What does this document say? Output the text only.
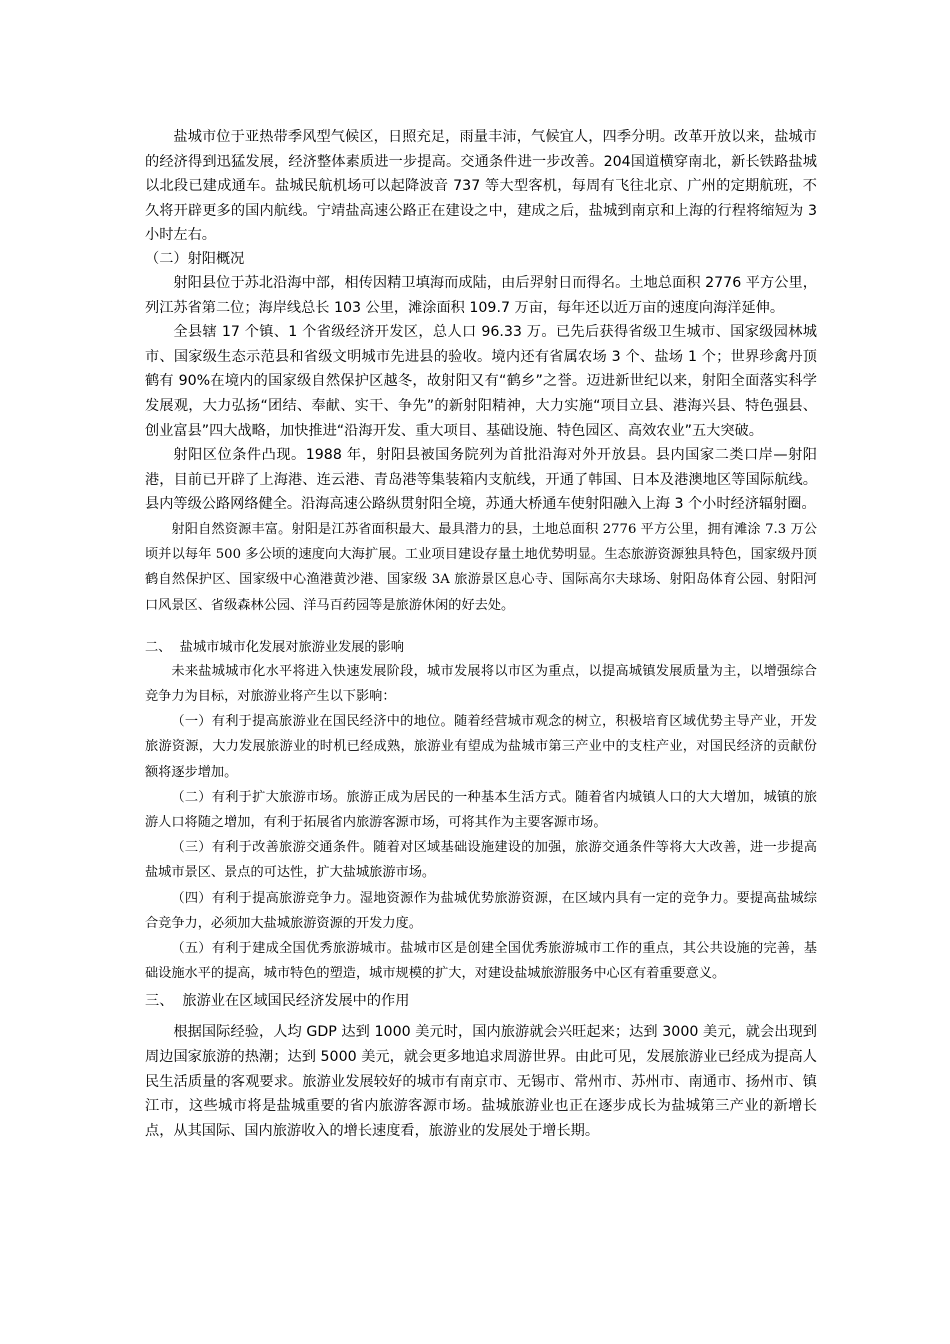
盐城市位于亚热带季风型气候区，日照充足，雨量丰沛，气候宜人，四季分明。改革开放以来，盐城市的经济得到迅猛发展，经济整体素质进一步提高。交通条件进一步改善。204国道横穿南北，新长铁路盐城以北段已建成通车。盐城民航机场可以起降波音 737 等大型客机，每周有飞往北京、广州的定期航班，不久将开辟更多的国内航线。宁靖盐高速公路正在建设之中，建成之后，盐城到南京和上海的行程将缩短为 3 小时左右。

（二）射阳概况

射阳县位于苏北沿海中部，相传因精卫填海而成陆，由后羿射日而得名。土地总面积 2776 平方公里，列江苏省第二位；海岸线总长 103 公里，滩涂面积 109.7 万亩，每年还以近万亩的速度向海洋延伸。

全县辖 17 个镇、1 个省级经济开发区，总人口 96.33 万。已先后获得省级卫生城市、国家级园林城市、国家级生态示范县和省级文明城市先进县的验收。境内还有省属农场 3 个、盐场 1 个；世界珍禽丹顶鹤有 90%在境内的国家级自然保护区越冬，故射阳又有“鹤乡”之誉。迈进新世纪以来，射阳全面落实科学发展观，大力弘扬“团结、奉献、实干、争先”的新射阳精神，大力实施“项目立县、港海兴县、特色强县、创业富县”四大战略，加快推进“沿海开发、重大项目、基础设施、特色园区、高效农业”五大突破。

射阳区位条件凸现。1988 年，射阳县被国务院列为首批沿海对外开放县。县内国家二类口岸—射阳港，目前已开辟了上海港、连云港、青岛港等集装箱内支航线，开通了韩国、日本及港澳地区等国际航线。县内等级公路网络健全。沿海高速公路纵贯射阳全境，苏通大桥通车使射阳融入上海 3 个小时经济辐射圈。

射阳自然资源丰富。射阳是江苏省面积最大、最具潜力的县，土地总面积 2776 平方公里，拥有滩涂 7.3 万公顷并以每年 500 多公顷的速度向大海扩展。工业项目建设存量土地优势明显。生态旅游资源独具特色，国家级丹顶鹤自然保护区、国家级中心渔港黄沙港、国家级 3A 旅游景区息心寺、国际高尔夫球场、射阳岛体育公园、射阳河口风景区、省级森林公园、洋马百药园等是旅游休闲的好去处。

二、  盐城市城市化发展对旅游业发展的影响

未来盐城城市化水平将进入快速发展阶段，城市发展将以市区为重点，以提高城镇发展质量为主，以增强综合竞争力为目标，对旅游业将产生以下影响：

（一）有利于提高旅游业在国民经济中的地位。随着经营城市观念的树立，积极培育区域优势主导产业，开发旅游资源，大力发展旅游业的时机已经成熟，旅游业有望成为盐城市第三产业中的支柱产业，对国民经济的贡献份额将逐步增加。

（二）有利于扩大旅游市场。旅游正成为居民的一种基本生活方式。随着省内城镇人口的大大增加，城镇的旅游人口将随之增加，有利于拓展省内旅游客源市场，可将其作为主要客源市场。

（三）有利于改善旅游交通条件。随着对区域基础设施建设的加强，旅游交通条件等将大大改善，进一步提高盐城市景区、景点的可达性，扩大盐城旅游市场。

（四）有利于提高旅游竞争力。湿地资源作为盐城优势旅游资源，在区域内具有一定的竞争力。要提高盐城综合竞争力，必须加大盐城旅游资源的开发力度。

（五）有利于建成全国优秀旅游城市。盐城市区是创建全国优秀旅游城市工作的重点，其公共设施的完善，基础设施水平的提高，城市特色的塑造，城市规模的扩大，对建设盐城旅游服务中心区有着重要意义。

三、  旅游业在区域国民经济发展中的作用

根据国际经验，人均 GDP 达到 1000 美元时，国内旅游就会兴旺起来；达到 3000 美元，就会出现到周边国家旅游的热潮；达到 5000 美元，就会更多地追求周游世界。由此可见，发展旅游业已经成为提高人民生活质量的客观要求。旅游业发展较好的城市有南京市、无锡市、常州市、苏州市、南通市、扬州市、镇江市，这些城市将是盐城重要的省内旅游客源市场。盐城旅游业也正在逐步成长为盐城第三产业的新增长点，从其国际、国内旅游收入的增长速度看，旅游业的发展处于增长期。
